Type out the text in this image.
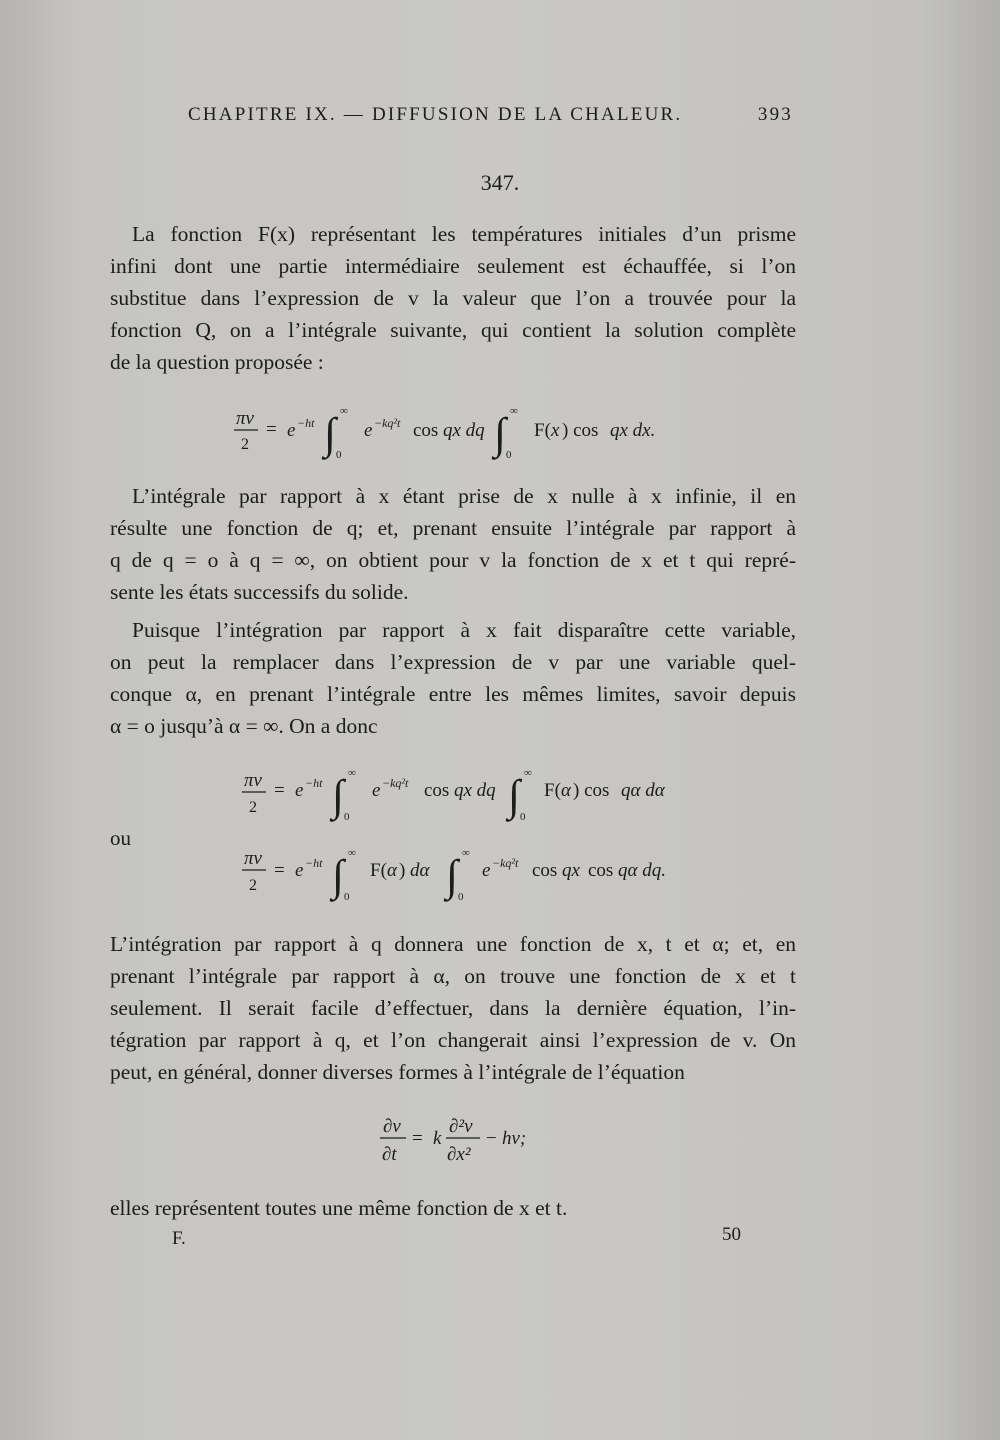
CHAPITRE IX. — DIFFUSION DE LA CHALEUR.	393
347.

La fonction F(x) représentant les températures initiales d’un prisme
infini dont une partie intermédiaire seulement est échauffée, si l’on
substitue dans l’expression de v la valeur que l’on a trouvée pour la
fonction Q, on a l’intégrale suivante, qui contient la solution complète
de la question proposée :

πv
2
= e −ht ∫ ∞
0
e −kq²t cos qx dq ∫ ∞
0
F( x ) cos qx dx.

L’intégrale par rapport à x étant prise de x nulle à x infinie, il en
résulte une fonction de q; et, prenant ensuite l’intégrale par rapport à
q de q = o à q = ∞, on obtient pour v la fonction de x et t qui repré-
sente les états successifs du solide.

Puisque l’intégration par rapport à x fait disparaître cette variable,
on peut la remplacer dans l’expression de v par une variable quel-
conque α, en prenant l’intégrale entre les mêmes limites, savoir depuis
α = o jusqu’à α = ∞. On a donc

πv
2
= e −ht ∫ ∞
0
e −kq²t cos qx dq ∫ ∞
0
F( α ) cos qα dα
ou
πv
2
= e −ht ∫ ∞
0
F( α ) dα ∫ ∞
0
e −kq²t cos qx cos qα dq.

L’intégration par rapport à q donnera une fonction de x, t et α; et, en
prenant l’intégrale par rapport à α, on trouve une fonction de x et t
seulement. Il serait facile d’effectuer, dans la dernière équation, l’in-
tégration par rapport à q, et l’on changerait ainsi l’expression de v. On
peut, en général, donner diverses formes à l’intégrale de l’équation

∂v
∂t
= k
∂²v
∂x²
− hv;

elles représentent toutes une même fonction de x et t.

F.	50
